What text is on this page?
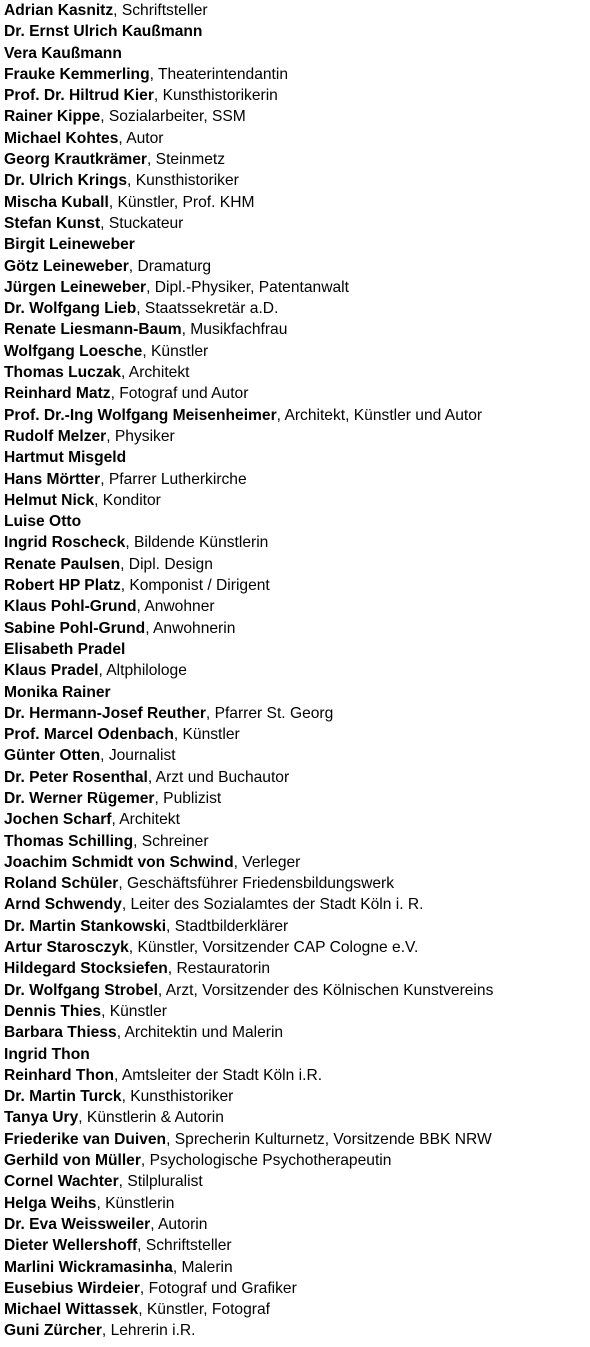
Adrian Kasnitz, Schriftsteller
Dr. Ernst Ulrich Kaußmann
Vera Kaußmann
Frauke Kemmerling, Theaterintendantin
Prof. Dr. Hiltrud Kier, Kunsthistorikerin
Rainer Kippe, Sozialarbeiter, SSM
Michael Kohtes, Autor
Georg Krautkrämer, Steinmetz
Dr. Ulrich Krings, Kunsthistoriker
Mischa Kuball, Künstler, Prof. KHM
Stefan Kunst, Stuckateur
Birgit Leineweber
Götz Leineweber, Dramaturg
Jürgen Leineweber, Dipl.-Physiker, Patentanwalt
Dr. Wolfgang Lieb, Staatssekretär a.D.
Renate Liesmann-Baum, Musikfachfrau
Wolfgang Loesche, Künstler
Thomas Luczak, Architekt
Reinhard Matz, Fotograf und Autor
Prof. Dr.-Ing Wolfgang Meisenheimer, Architekt, Künstler und Autor
Rudolf Melzer, Physiker
Hartmut Misgeld
Hans Mörtter, Pfarrer Lutherkirche
Helmut Nick, Konditor
Luise Otto
Ingrid Roscheck, Bildende Künstlerin
Renate Paulsen, Dipl. Design
Robert HP Platz, Komponist / Dirigent
Klaus Pohl-Grund, Anwohner
Sabine Pohl-Grund, Anwohnerin
Elisabeth Pradel
Klaus Pradel, Altphilologe
Monika Rainer
Dr. Hermann-Josef Reuther, Pfarrer St. Georg
Prof. Marcel Odenbach, Künstler
Günter Otten, Journalist
Dr. Peter Rosenthal, Arzt und Buchautor
Dr. Werner Rügemer, Publizist
Jochen Scharf, Architekt
Thomas Schilling, Schreiner
Joachim Schmidt von Schwind, Verleger
Roland Schüler, Geschäftsführer Friedensbildungswerk
Arnd Schwendy, Leiter des Sozialamtes der Stadt Köln i. R.
Dr. Martin Stankowski, Stadtbilderklärer
Artur Starosczyk, Künstler, Vorsitzender CAP Cologne e.V.
Hildegard Stocksiefen, Restauratorin
Dr. Wolfgang Strobel, Arzt, Vorsitzender des Kölnischen Kunstvereins
Dennis Thies, Künstler
Barbara Thiess, Architektin und Malerin
Ingrid Thon
Reinhard Thon, Amtsleiter der Stadt Köln i.R.
Dr. Martin Turck, Kunsthistoriker
Tanya Ury, Künstlerin & Autorin
Friederike van Duiven, Sprecherin Kulturnetz, Vorsitzende BBK NRW
Gerhild von Müller, Psychologische Psychotherapeutin
Cornel Wachter, Stilpluralist
Helga Weihs, Künstlerin
Dr. Eva Weissweiler, Autorin
Dieter Wellershoff, Schriftsteller
Marlini Wickramasinha, Malerin
Eusebius Wirdeier, Fotograf und Grafiker
Michael Wittassek, Künstler, Fotograf
Guni Zürcher, Lehrerin i.R.
